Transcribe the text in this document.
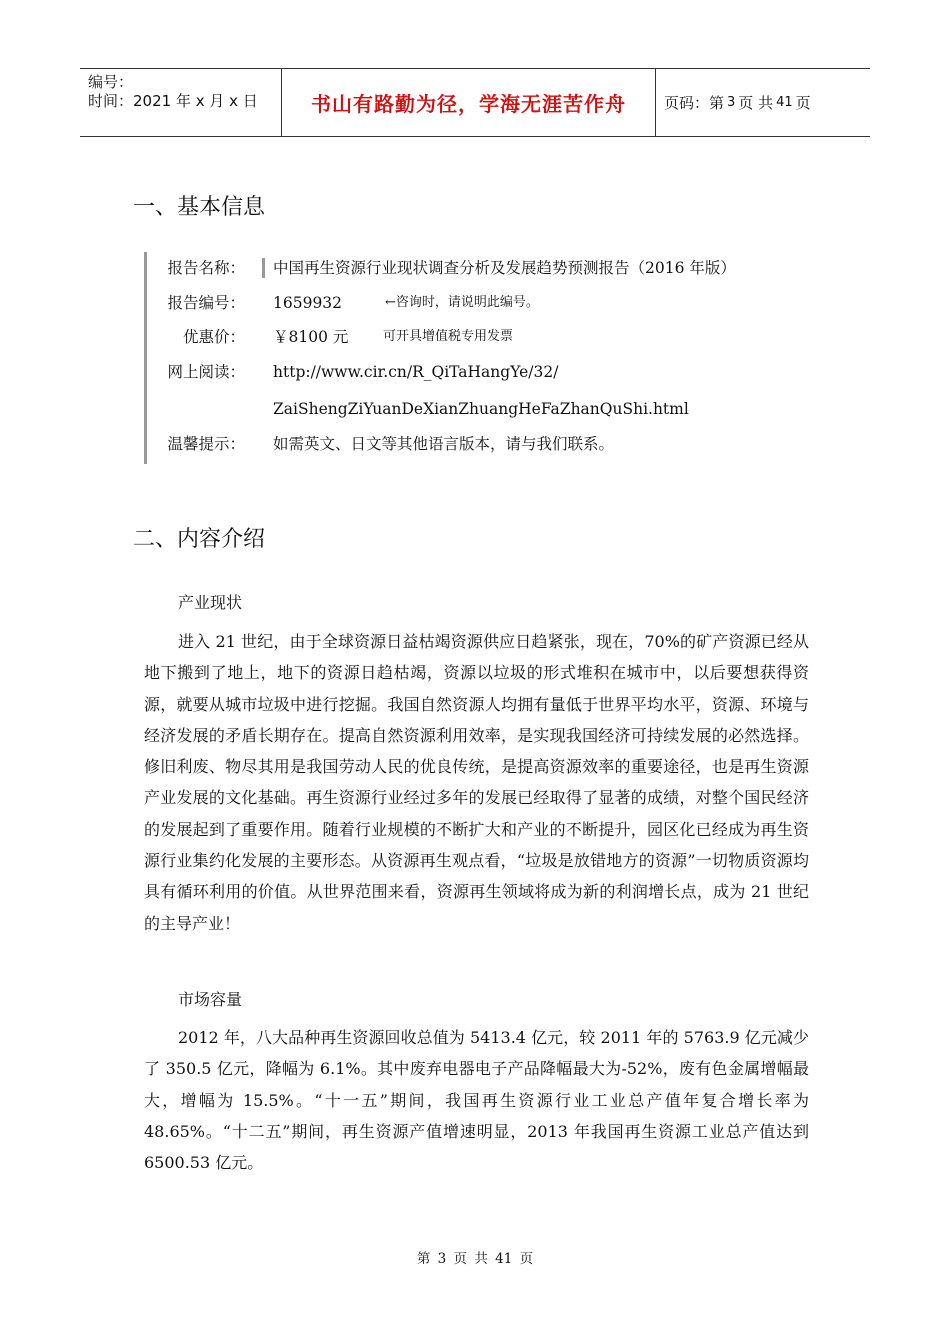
编号：
时间：2021 年 x 月 x 日	书山有路勤为径，学海无涯苦作舟	页码：第 3 页 共 41 页
一、基本信息
报告名称：	中国再生资源行业现状调查分析及发展趋势预测报告（2016 年版）
报告编号： 1659932	←咨询时，请说明此编号。
优惠价： ￥8100 元	可开具增值税专用发票
网上阅读： http://www.cir.cn/R_QiTaHangYe/32/
ZaiShengZiYuanDeXianZhuangHeFaZhanQuShi.html
温馨提示： 如需英文、日文等其他语言版本，请与我们联系。
二、内容介绍
产业现状

进入 21 世纪，由于全球资源日益枯竭资源供应日趋紧张，现在，70%的矿产资源已经从地下搬到了地上，地下的资源日趋枯竭，资源以垃圾的形式堆积在城市中，以后要想获得资源，就要从城市垃圾中进行挖掘。我国自然资源人均拥有量低于世界平均水平，资源、环境与经济发展的矛盾长期存在。提高自然资源利用效率，是实现我国经济可持续发展的必然选择。修旧利废、物尽其用是我国劳动人民的优良传统，是提高资源效率的重要途径，也是再生资源产业发展的文化基础。再生资源行业经过多年的发展已经取得了显著的成绩，对整个国民经济的发展起到了重要作用。随着行业规模的不断扩大和产业的不断提升，园区化已经成为再生资源行业集约化发展的主要形态。从资源再生观点看，“垃圾是放错地方的资源”一切物质资源均具有循环利用的价值。从世界范围来看，资源再生领域将成为新的利润增长点，成为 21 世纪的主导产业！

市场容量

2012 年，八大品种再生资源回收总值为 5413.4 亿元，较 2011 年的 5763.9 亿元减少了 350.5 亿元，降幅为 6.1%。其中废弃电器电子产品降幅最大为-52%，废有色金属增幅最大，增幅为 15.5%。“十一五”期间，我国再生资源行业工业总产值年复合增长率为 48.65%。“十二五”期间，再生资源产值增速明显，2013 年我国再生资源工业总产值达到 6500.53 亿元。

第 3 页 共 41 页
